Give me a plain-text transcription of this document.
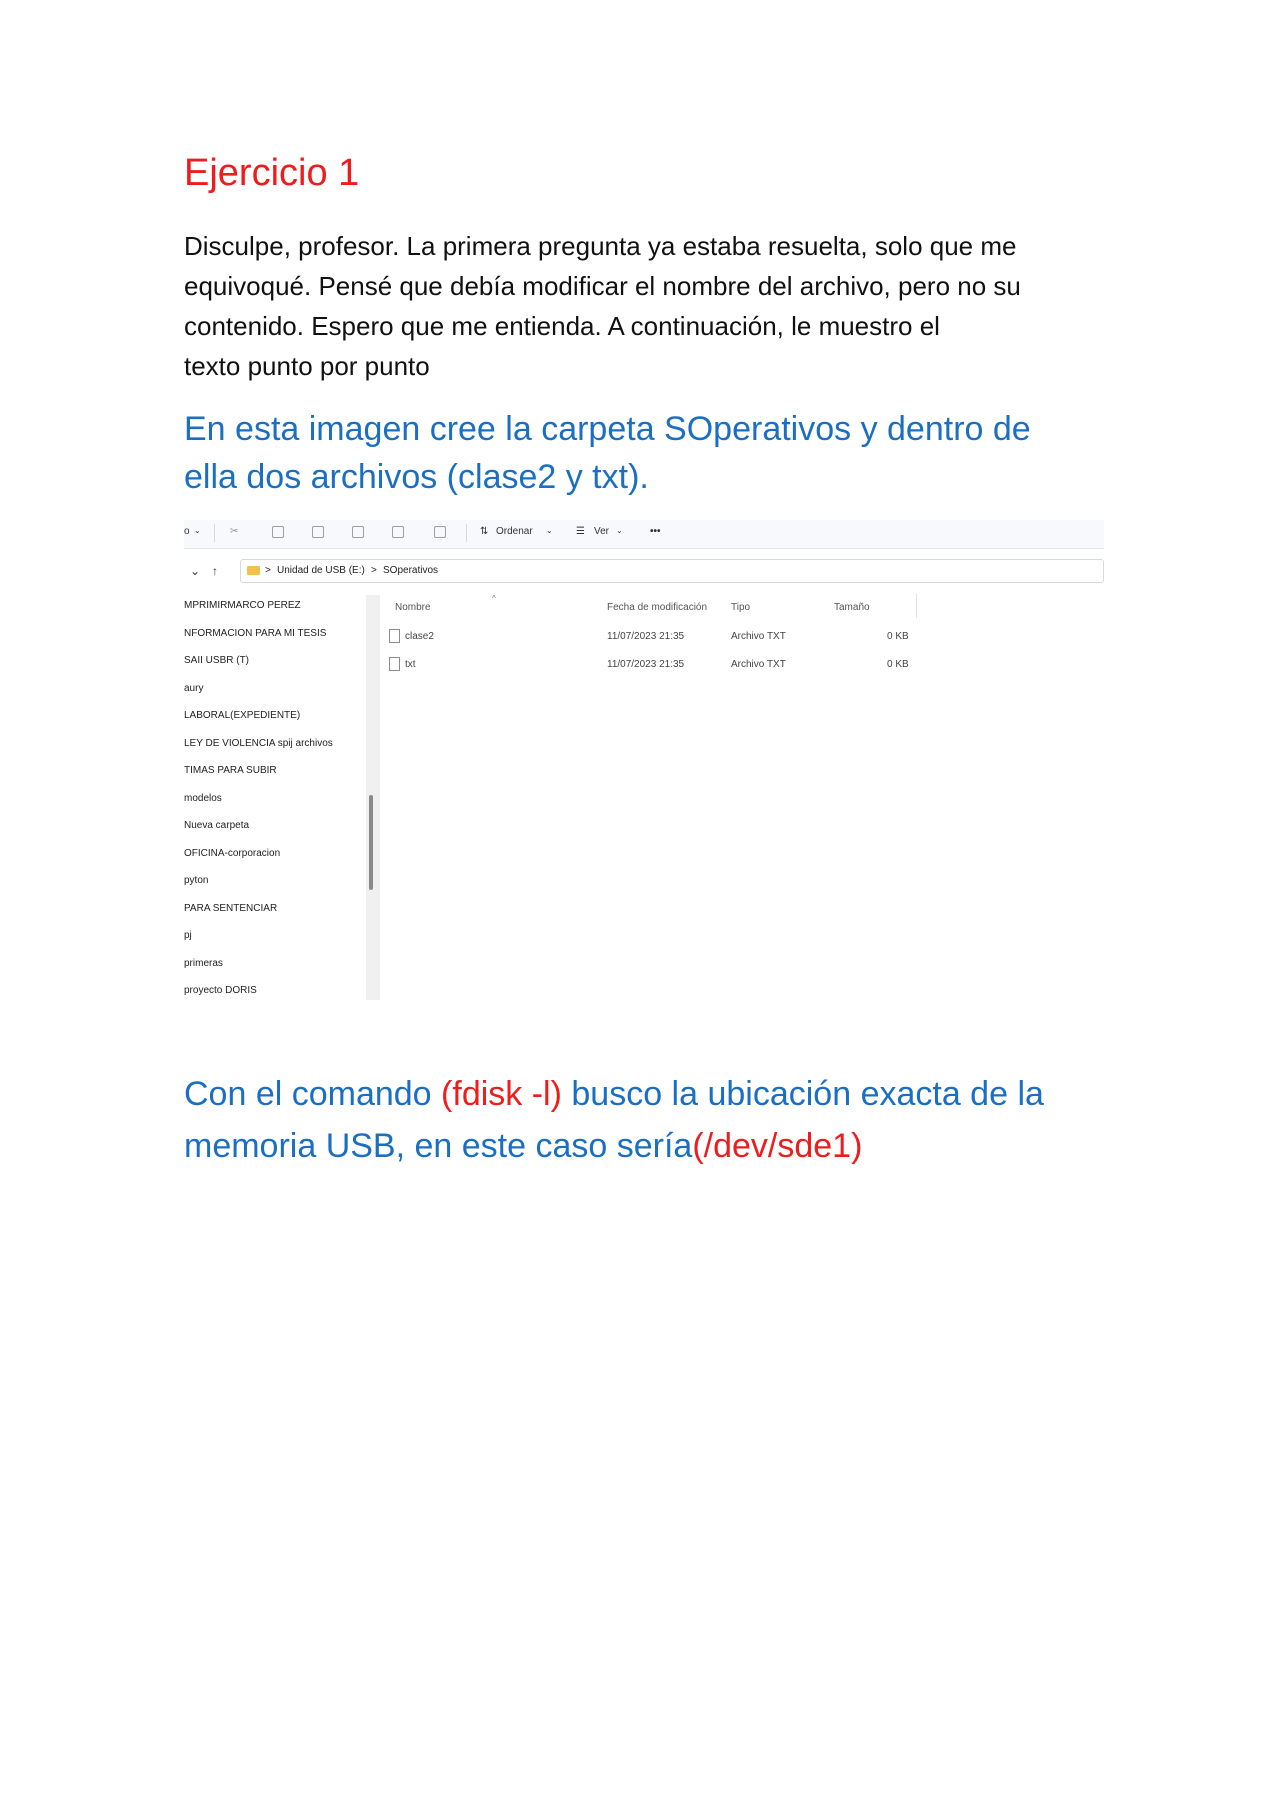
Ejercicio 1
Disculpe, profesor. La primera pregunta ya estaba resuelta, solo que me
equivoqué. Pensé que debía modificar el nombre del archivo, pero no su
contenido. Espero que me entienda. A continuación, le muestro el
texto punto por punto
En esta imagen cree la carpeta SOperativos y dentro de
ella dos archivos (clase2 y txt).
o ⌄	✂	⇅ Ordenar ⌄ ☰ Ver ⌄	•••
⌄ ↑	> Unidad de USB (E:) > SOperativos
MPRIMIRMARCO PEREZ
NFORMACION PARA MI TESIS
SAII USBR (T)
aury
LABORAL(EXPEDIENTE)
LEY DE VIOLENCIA spij archivos
TIMAS PARA SUBIR
modelos
Nueva carpeta
OFICINA-corporacion
pyton
PARA SENTENCIAR
pj
primeras
proyecto DORIS
^
Nombre	Fecha de modificación Tipo	Tamaño
clase2	11/07/2023 21:35	Archivo TXT	0 KB
txt	11/07/2023 21:35	Archivo TXT	0 KB
Con el comando (fdisk -l) busco la ubicación exacta de la
memoria USB, en este caso sería(/dev/sde1)
